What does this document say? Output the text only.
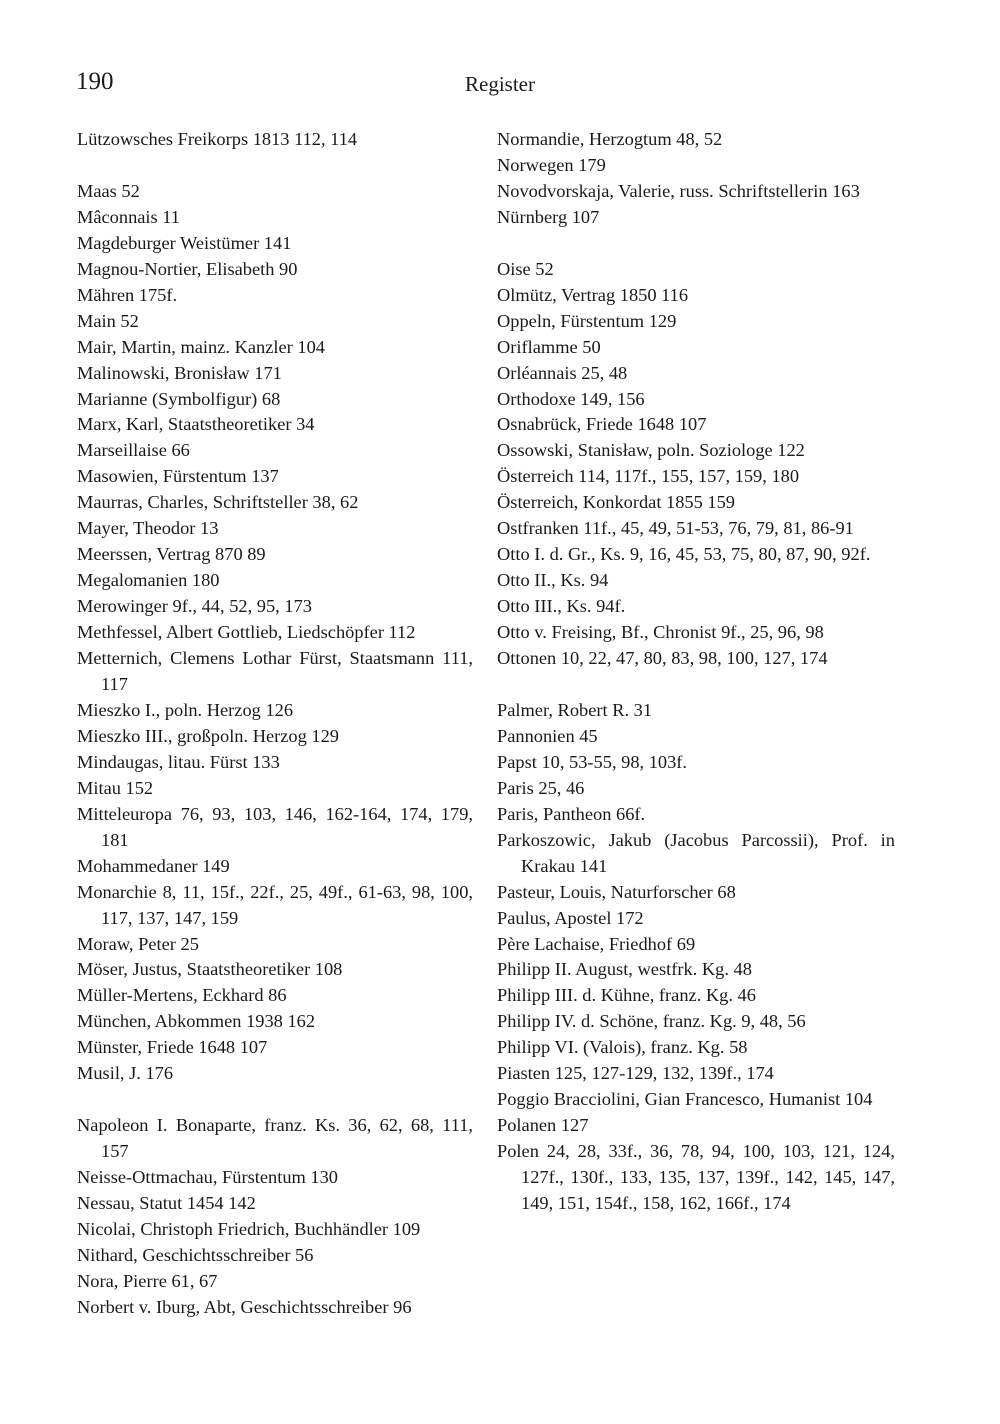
190	Register
Lützowsches Freikorps 1813 112, 114
Maas 52
Mâconnais 11
Magdeburger Weistümer 141
Magnou-Nortier, Elisabeth 90
Mähren 175f.
Main 52
Mair, Martin, mainz. Kanzler 104
Malinowski, Bronisław 171
Marianne (Symbolfigur) 68
Marx, Karl, Staatstheoretiker 34
Marseillaise 66
Masowien, Fürstentum 137
Maurras, Charles, Schriftsteller 38, 62
Mayer, Theodor 13
Meerssen, Vertrag 870 89
Megalomanien 180
Merowinger 9f., 44, 52, 95, 173
Methfessel, Albert Gottlieb, Liedschöpfer 112
Metternich, Clemens Lothar Fürst, Staatsmann 111, 117
Mieszko I., poln. Herzog 126
Mieszko III., großpoln. Herzog 129
Mindaugas, litau. Fürst 133
Mitau 152
Mitteleuropa 76, 93, 103, 146, 162-164, 174, 179, 181
Mohammedaner 149
Monarchie 8, 11, 15f., 22f., 25, 49f., 61-63, 98, 100, 117, 137, 147, 159
Moraw, Peter 25
Möser, Justus, Staatstheoretiker 108
Müller-Mertens, Eckhard 86
München, Abkommen 1938 162
Münster, Friede 1648 107
Musil, J. 176
Napoleon I. Bonaparte, franz. Ks. 36, 62, 68, 111, 157
Neisse-Ottmachau, Fürstentum 130
Nessau, Statut 1454 142
Nicolai, Christoph Friedrich, Buchhändler 109
Nithard, Geschichtsschreiber 56
Nora, Pierre 61, 67
Norbert v. Iburg, Abt, Geschichtsschreiber 96
Normandie, Herzogtum 48, 52
Norwegen 179
Novodvorskaja, Valerie, russ. Schriftstellerin 163
Nürnberg 107
Oise 52
Olmütz, Vertrag 1850 116
Oppeln, Fürstentum 129
Oriflamme 50
Orléannais 25, 48
Orthodoxe 149, 156
Osnabrück, Friede 1648 107
Ossowski, Stanisław, poln. Soziologe 122
Österreich 114, 117f., 155, 157, 159, 180
Österreich, Konkordat 1855 159
Ostfranken 11f., 45, 49, 51-53, 76, 79, 81, 86-91
Otto I. d. Gr., Ks. 9, 16, 45, 53, 75, 80, 87, 90, 92f.
Otto II., Ks. 94
Otto III., Ks. 94f.
Otto v. Freising, Bf., Chronist 9f., 25, 96, 98
Ottonen 10, 22, 47, 80, 83, 98, 100, 127, 174
Palmer, Robert R. 31
Pannonien 45
Papst 10, 53-55, 98, 103f.
Paris 25, 46
Paris, Pantheon 66f.
Parkoszowic, Jakub (Jacobus Parcossii), Prof. in Krakau 141
Pasteur, Louis, Naturforscher 68
Paulus, Apostel 172
Père Lachaise, Friedhof 69
Philipp II. August, westfrk. Kg. 48
Philipp III. d. Kühne, franz. Kg. 46
Philipp IV. d. Schöne, franz. Kg. 9, 48, 56
Philipp VI. (Valois), franz. Kg. 58
Piasten 125, 127-129, 132, 139f., 174
Poggio Bracciolini, Gian Francesco, Humanist 104
Polanen 127
Polen 24, 28, 33f., 36, 78, 94, 100, 103, 121, 124, 127f., 130f., 133, 135, 137, 139f., 142, 145, 147, 149, 151, 154f., 158, 162, 166f., 174
